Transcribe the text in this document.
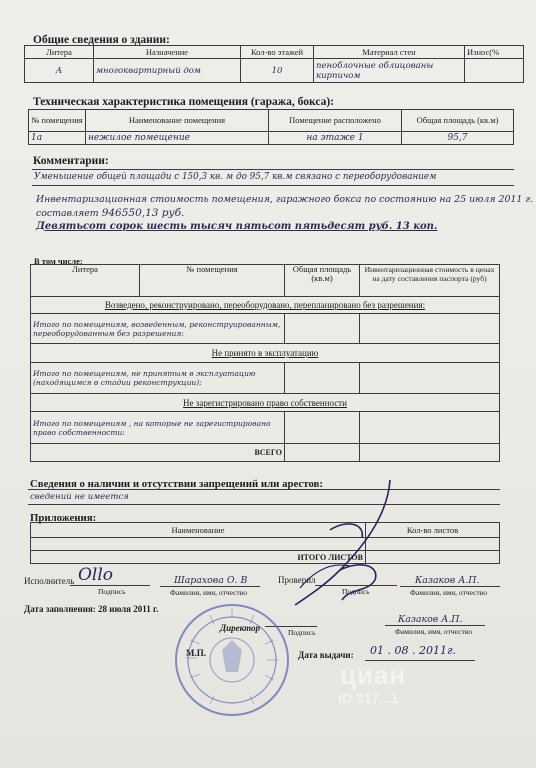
Общие сведения о здании:
Литера	Назначение	Кол-во этажей	Материал стен	Износ(%
А	многоквартирный дом	10	пеноблочные облицованы кирпичом	
Техническая характеристика помещения (гаража, бокса):
№ помещения	Наименование помещения	Помещение расположено	Общая площадь (кв.м)
1а	нежилое помещение	на этаже 1	95,7
Комментарии:
Уменьшение общей площади с 150,3 кв. м до 95,7 кв.м связано с переоборудованием
Инвентаризационная стоимость помещения, гаражного бокса по состоянию на 25 июля 2011 г.
составляет 946550,13 руб.
Девятьсот сорок шесть тысяч пятьсот пятьдесят руб. 13 коп.
В том числе:
Литера	№ помещения	Общая площадь (кв.м)	Инвентаризационная стоимость в ценах на дату составления паспорта (руб)
Возведено, реконструировано, переоборудовано, перепланировано без разрешения:			
Итого по помещениям, возведенным, реконструированным, переоборудованным без разрешения:			
Не принято в эксплуатацию			
Итого по помещениям, не принятым в эксплуатацию (находящимся в стадии реконструкции):			
Не зарегистрировано право собственности			
Итого по помещениям , на которые не зарегистрировано право собственности:			
ВСЕГО			
Сведения о наличии и отсутствии запрещений или арестов:
сведений не имеется
Приложения:
Наименование	Кол-во листов

ИТОГО ЛИСТОВ	
Исполнитель Оllо
Подпись
Шарахова О. В
Фамилия, имя, отчество
Проверил
Подпись
Казаков А.П.
Фамилия, имя, отчество
Дата заполнения: 28 июля 2011 г.
Директор	Подпись
Казаков А.П.
Фамилия, имя, отчество
М.П.	Дата выдачи: 01 . 08 . 2011г.
циан
ID 317...1
